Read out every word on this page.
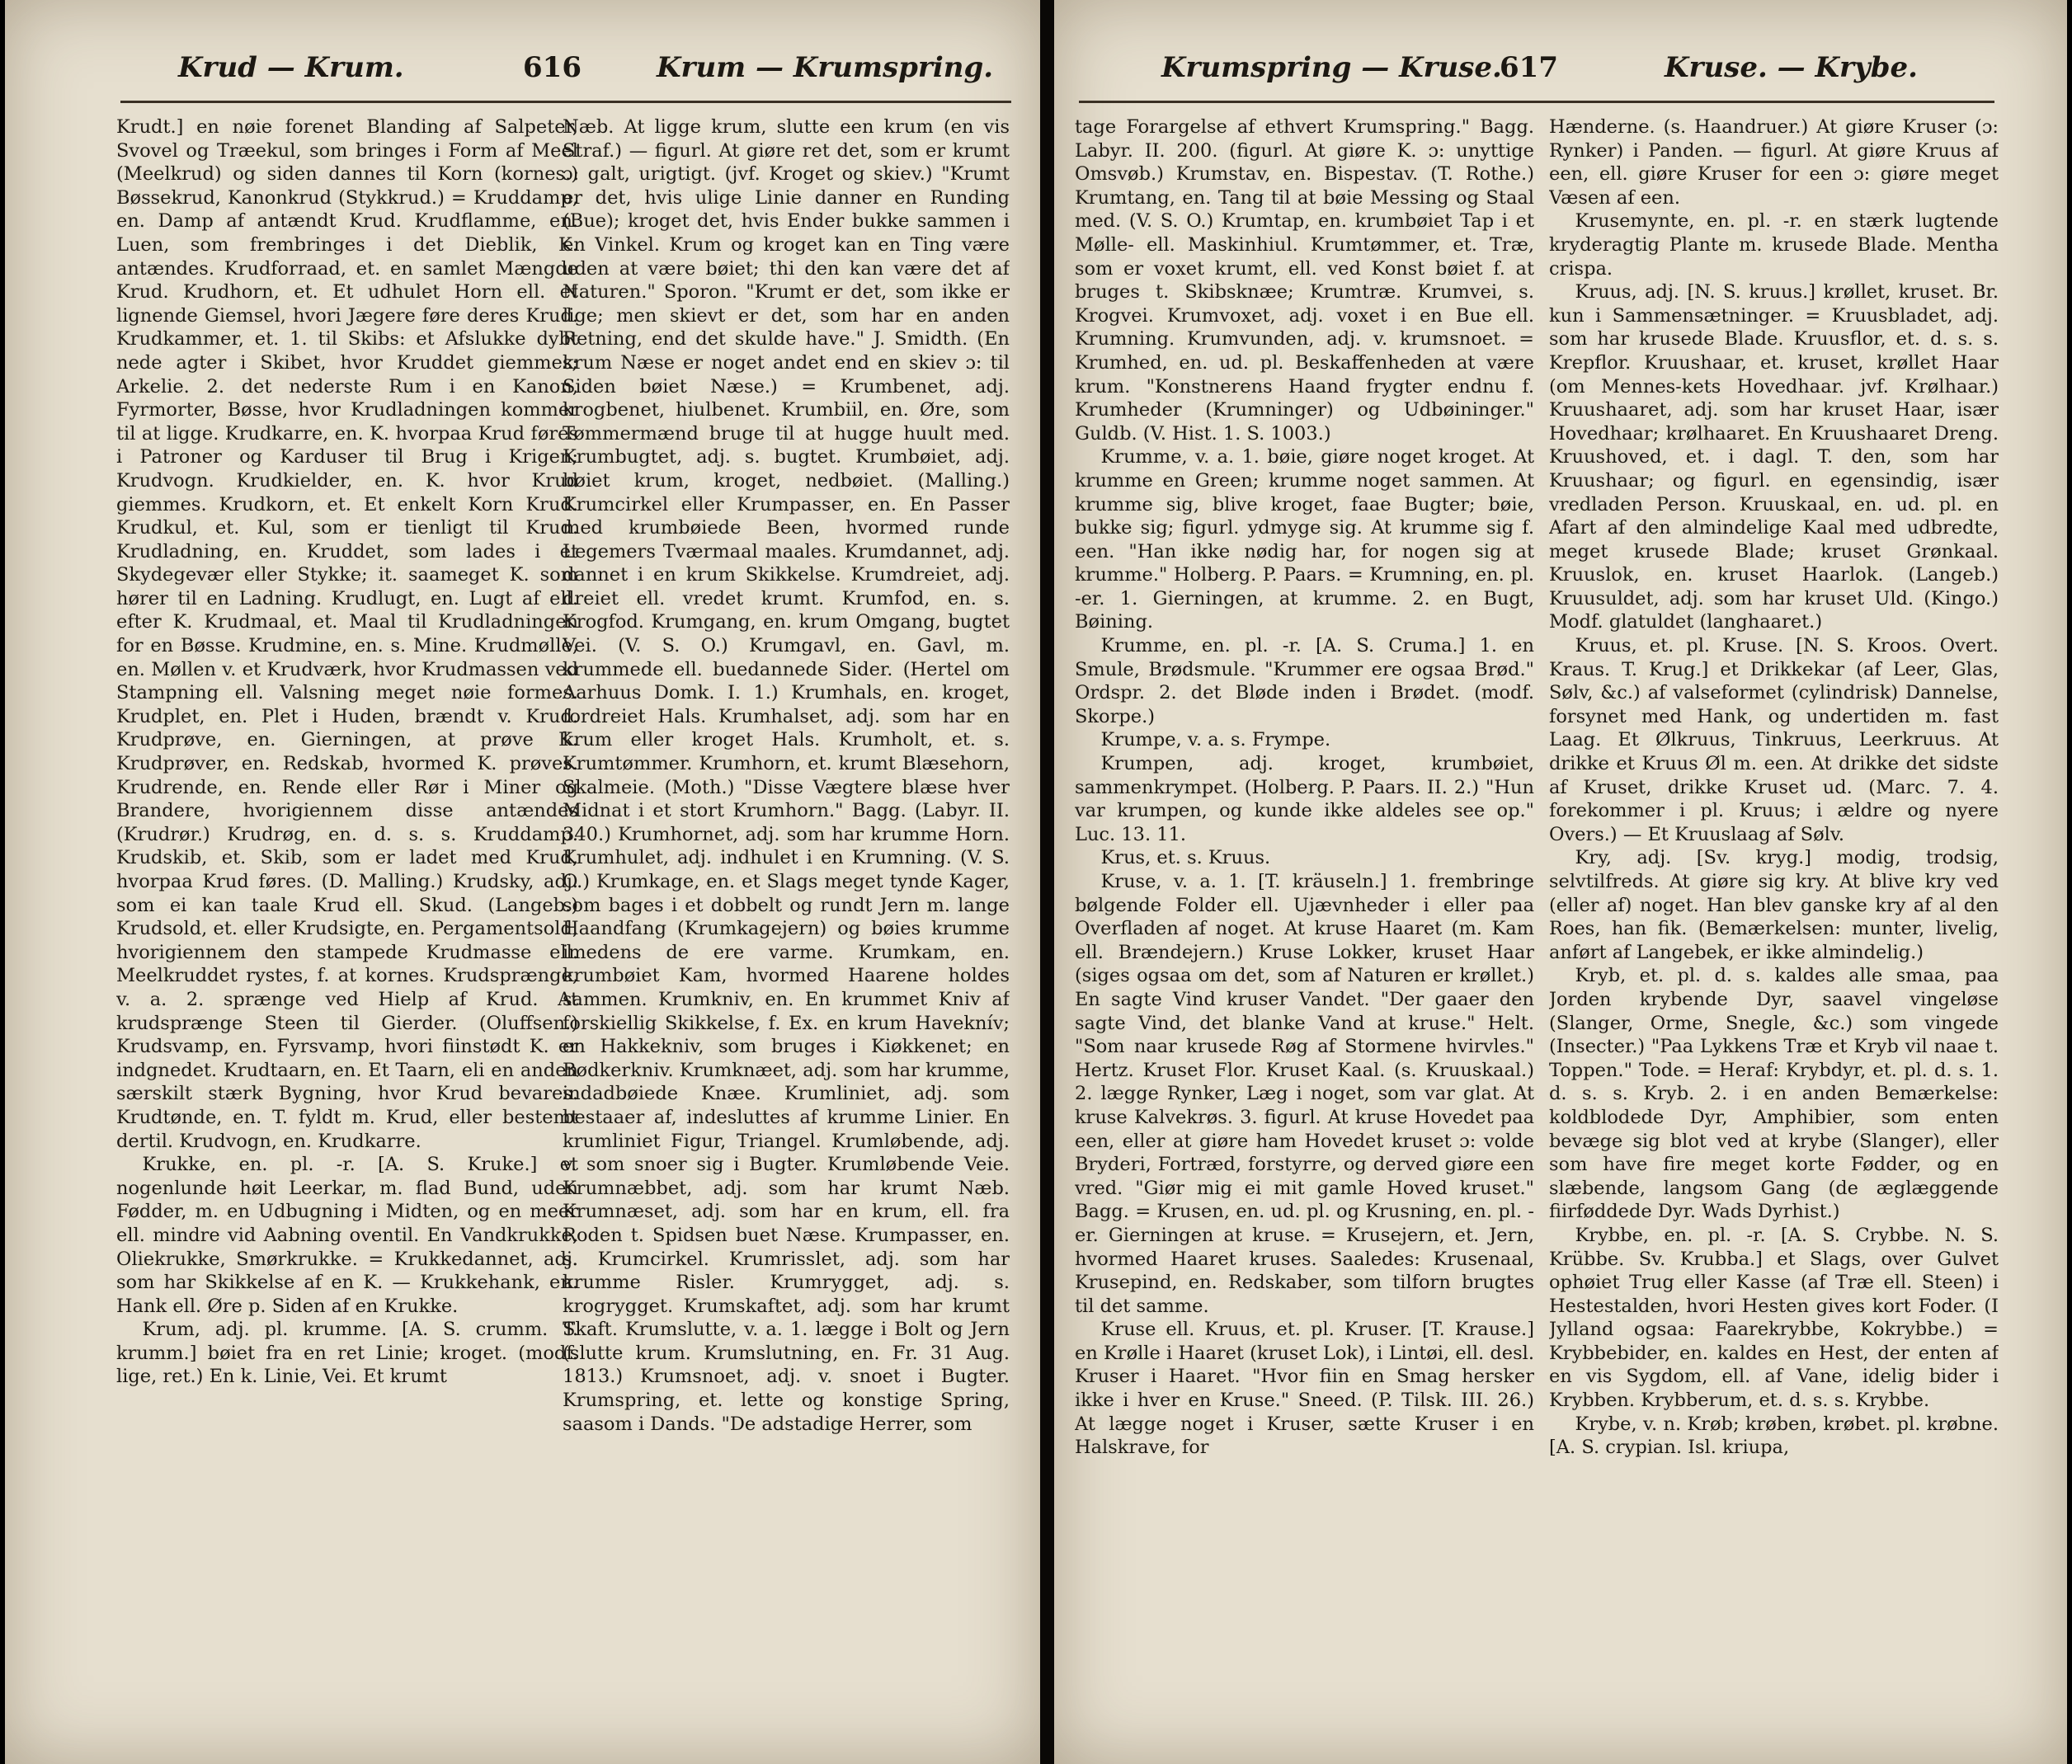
Krud — Krum.	616	Krum — Krumspring.

Krudt.] en nøie forenet Blanding af Salpeter, Svovel og Træekul, som bringes i Form af Meel (Meelkrud) og siden dannes til Korn (kornes.) Bøssekrud, Kanonkrud (Stykkrud.) = Kruddamp, en. Damp af antændt Krud. Krudflamme, en. Luen, som frembringes i det Dieblik, K. antændes. Krudforraad, et. en samlet Mængde Krud. Krudhorn, et. Et udhulet Horn ell. et lignende Giemsel, hvori Jægere føre deres Krud. Krudkammer, et. 1. til Skibs: et Afslukke dybt nede agter i Skibet, hvor Kruddet giemmes; Arkelie. 2. det nederste Rum i en Kanon, Fyrmorter, Bøsse, hvor Krudladningen kommer til at ligge. Krudkarre, en. K. hvorpaa Krud føres i Patroner og Karduser til Brug i Krigen; Krudvogn. Krudkielder, en. K. hvor Krud giemmes. Krudkorn, et. Et enkelt Korn Krud. Krudkul, et. Kul, som er tienligt til Krud. Krudladning, en. Kruddet, som lades i et Skydegevær eller Stykke; it. saameget K. som hører til en Ladning. Krudlugt, en. Lugt af ell. efter K. Krudmaal, et. Maal til Krudladningen for en Bøsse. Krudmine, en. s. Mine. Krudmølle, en. Møllen v. et Krudværk, hvor Krudmassen ved Stampning ell. Valsning meget nøie formes. Krudplet, en. Plet i Huden, brændt v. Krud. Krudprøve, en. Gierningen, at prøve K. Krudprøver, en. Redskab, hvormed K. prøves. Krudrende, en. Rende eller Rør i Miner og Brandere, hvorigiennem disse antændes (Krudrør.) Krudrøg, en. d. s. s. Kruddamp. Krudskib, et. Skib, som er ladet med Krud, hvorpaa Krud føres. (D. Malling.) Krudsky, adj. som ei kan taale Krud ell. Skud. (Langeb.) Krudsold, et. eller Krudsigte, en. Pergamentsold, hvorigiennem den stampede Krudmasse ell. Meelkruddet rystes, f. at kornes. Krudsprænge, v. a. 2. sprænge ved Hielp af Krud. At krudsprænge Steen til Gierder. (Oluffsen.) Krudsvamp, en. Fyrsvamp, hvori fiinstødt K. er indgnedet. Krudtaarn, en. Et Taarn, eli en anden særskilt stærk Bygning, hvor Krud bevares. Krudtønde, en. T. fyldt m. Krud, eller bestemt dertil. Krudvogn, en. Krudkarre.

Krukke, en. pl. -r. [A. S. Kruke.] et nogenlunde høit Leerkar, m. flad Bund, uden Fødder, m. en Udbugning i Midten, og en meer ell. mindre vid Aabning oventil. En Vandkrukke, Oliekrukke, Smørkrukke. = Krukkedannet, adj. som har Skikkelse af en K. — Krukkehank, en. Hank ell. Øre p. Siden af en Krukke.

Krum, adj. pl. krumme. [A. S. crumm. T. krumm.] bøiet fra en ret Linie; kroget. (modf. lige, ret.) En k. Linie, Vei. Et krumt

Næb. At ligge krum, slutte een krum (en vis Straf.) — figurl. At giøre ret det, som er krumt ɔ: galt, urigtigt. (jvf. Kroget og skiev.) "Krumt er det, hvis ulige Linie danner en Runding (Bue); kroget det, hvis Ender bukke sammen i en Vinkel. Krum og kroget kan en Ting være uden at være bøiet; thi den kan være det af Naturen." Sporon. "Krumt er det, som ikke er lige; men skievt er det, som har en anden Retning, end det skulde have." J. Smidth. (En krum Næse er noget andet end en skiev ɔ: til Siden bøiet Næse.) = Krumbenet, adj. krogbenet, hiulbenet. Krumbiil, en. Øre, som Tømmermænd bruge til at hugge huult med. Krumbugtet, adj. s. bugtet. Krumbøiet, adj. bøiet krum, kroget, nedbøiet. (Malling.) Krumcirkel eller Krumpasser, en. En Passer med krumbøiede Been, hvormed runde Legemers Tværmaal maales. Krumdannet, adj. dannet i en krum Skikkelse. Krumdreiet, adj. dreiet ell. vredet krumt. Krumfod, en. s. Krogfod. Krumgang, en. krum Omgang, bugtet Vei. (V. S. O.) Krumgavl, en. Gavl, m. krummede ell. buedannede Sider. (Hertel om Aarhuus Domk. I. 1.) Krumhals, en. kroget, fordreiet Hals. Krumhalset, adj. som har en krum eller kroget Hals. Krumholt, et. s. Krumtømmer. Krumhorn, et. krumt Blæsehorn, Skalmeie. (Moth.) "Disse Vægtere blæse hver Midnat i et stort Krumhorn." Bagg. (Labyr. II. 340.) Krumhornet, adj. som har krumme Horn. Krumhulet, adj. indhulet i en Krumning. (V. S. O.) Krumkage, en. et Slags meget tynde Kager, som bages i et dobbelt og rundt Jern m. lange Haandfang (Krumkagejern) og bøies krumme imedens de ere varme. Krumkam, en. krumbøiet Kam, hvormed Haarene holdes sammen. Krumkniv, en. En krummet Kniv af forskiellig Skikkelse, f. Ex. en krum Haveknív; en Hakkekniv, som bruges i Kiøkkenet; en Bødkerkniv. Krumknæet, adj. som har krumme, indadbøiede Knæe. Krumliniet, adj. som bestaaer af, indesluttes af krumme Linier. En krumliniet Figur, Triangel. Krumløbende, adj. v. som snoer sig i Bugter. Krumløbende Veie. Krumnæbbet, adj. som har krumt Næb. Krumnæset, adj. som har en krum, ell. fra Roden t. Spidsen buet Næse. Krumpasser, en. s. Krumcirkel. Krumrisslet, adj. som har krumme Risler. Krumrygget, adj. s. krogrygget. Krumskaftet, adj. som har krumt Skaft. Krumslutte, v. a. 1. lægge i Bolt og Jern (slutte krum. Krumslutning, en. Fr. 31 Aug. 1813.) Krumsnoet, adj. v. snoet i Bugter. Krumspring, et. lette og konstige Spring, saasom i Dands. "De adstadige Herrer, som

Krumspring — Kruse.
617	Kruse. — Krybe.

tage Forargelse af ethvert Krumspring." Bagg. Labyr. II. 200. (figurl. At giøre K. ɔ: unyttige Omsvøb.) Krumstav, en. Bispestav. (T. Rothe.) Krumtang, en. Tang til at bøie Messing og Staal med. (V. S. O.) Krumtap, en. krumbøiet Tap i et Mølle- ell. Maskinhiul. Krumtømmer, et. Træ, som er voxet krumt, ell. ved Konst bøiet f. at bruges t. Skibsknæe; Krumtræ. Krumvei, s. Krogvei. Krumvoxet, adj. voxet i en Bue ell. Krumning. Krumvunden, adj. v. krumsnoet. = Krumhed, en. ud. pl. Beskaffenheden at være krum. "Konstnerens Haand frygter endnu f. Krumheder (Krumninger) og Udbøininger." Guldb. (V. Hist. 1. S. 1003.)

Krumme, v. a. 1. bøie, giøre noget kroget. At krumme en Green; krumme noget sammen. At krumme sig, blive kroget, faae Bugter; bøie, bukke sig; figurl. ydmyge sig. At krumme sig f. een. "Han ikke nødig har, for nogen sig at krumme." Holberg. P. Paars. = Krumning, en. pl. -er. 1. Gierningen, at krumme. 2. en Bugt, Bøining.

Krumme, en. pl. -r. [A. S. Cruma.] 1. en Smule, Brødsmule. "Krummer ere ogsaa Brød." Ordspr. 2. det Bløde inden i Brødet. (modf. Skorpe.)

Krumpe, v. a. s. Frympe.

Krumpen, adj. kroget, krumbøiet, sammenkrympet. (Holberg. P. Paars. II. 2.) "Hun var krumpen, og kunde ikke aldeles see op." Luc. 13. 11.

Krus, et. s. Kruus.

Kruse, v. a. 1. [T. kräuseln.] 1. frembringe bølgende Folder ell. Ujævnheder i eller paa Overfladen af noget. At kruse Haaret (m. Kam ell. Brændejern.) Kruse Lokker, kruset Haar (siges ogsaa om det, som af Naturen er krøllet.) En sagte Vind kruser Vandet. "Der gaaer den sagte Vind, det blanke Vand at kruse." Helt. "Som naar krusede Røg af Stormene hvirvles." Hertz. Kruset Flor. Kruset Kaal. (s. Kruuskaal.) 2. lægge Rynker, Læg i noget, som var glat. At kruse Kalvekrøs. 3. figurl. At kruse Hovedet paa een, eller at giøre ham Hovedet kruset ɔ: volde Bryderi, Fortræd, forstyrre, og derved giøre een vred. "Giør mig ei mit gamle Hoved kruset." Bagg. = Krusen, en. ud. pl. og Krusning, en. pl. -er. Gierningen at kruse. = Krusejern, et. Jern, hvormed Haaret kruses. Saaledes: Krusenaal, Krusepind, en. Redskaber, som tilforn brugtes til det samme.

Kruse ell. Kruus, et. pl. Kruser. [T. Krause.] en Krølle i Haaret (kruset Lok), i Lintøi, ell. desl. Kruser i Haaret. "Hvor fiin en Smag hersker ikke i hver en Kruse." Sneed. (P. Tilsk. III. 26.) At lægge noget i Kruser, sætte Kruser i en Halskrave, for

Hænderne. (s. Haandruer.) At giøre Kruser (ɔ: Rynker) i Panden. — figurl. At giøre Kruus af een, ell. giøre Kruser for een ɔ: giøre meget Væsen af een.

Krusemynte, en. pl. -r. en stærk lugtende kryderagtig Plante m. krusede Blade. Mentha crispa.

Kruus, adj. [N. S. kruus.] krøllet, kruset. Br. kun i Sammensætninger. = Kruusbladet, adj. som har krusede Blade. Kruusflor, et. d. s. s. Krepflor. Kruushaar, et. kruset, krøllet Haar (om Mennes-kets Hovedhaar. jvf. Krølhaar.) Kruushaaret, adj. som har kruset Haar, især Hovedhaar; krølhaaret. En Kruushaaret Dreng. Kruushoved, et. i dagl. T. den, som har Kruushaar; og figurl. en egensindig, især vredladen Person. Kruuskaal, en. ud. pl. en Afart af den almindelige Kaal med udbredte, meget krusede Blade; kruset Grønkaal. Kruuslok, en. kruset Haarlok. (Langeb.) Kruusuldet, adj. som har kruset Uld. (Kingo.) Modf. glatuldet (langhaaret.)

Kruus, et. pl. Kruse. [N. S. Kroos. Overt. Kraus. T. Krug.] et Drikkekar (af Leer, Glas, Sølv, &c.) af valseformet (cylindrisk) Dannelse, forsynet med Hank, og undertiden m. fast Laag. Et Ølkruus, Tinkruus, Leerkruus. At drikke et Kruus Øl m. een. At drikke det sidste af Kruset, drikke Kruset ud. (Marc. 7. 4. forekommer i pl. Kruus; i ældre og nyere Overs.) — Et Kruuslaag af Sølv.

Kry, adj. [Sv. kryg.] modig, trodsig, selvtilfreds. At giøre sig kry. At blive kry ved (eller af) noget. Han blev ganske kry af al den Roes, han fik. (Bemærkelsen: munter, livelig, anført af Langebek, er ikke almindelig.)

Kryb, et. pl. d. s. kaldes alle smaa, paa Jorden krybende Dyr, saavel vingeløse (Slanger, Orme, Snegle, &c.) som vingede (Insecter.) "Paa Lykkens Træ et Kryb vil naae t. Toppen." Tode. = Heraf: Krybdyr, et. pl. d. s. 1. d. s. s. Kryb. 2. i en anden Bemærkelse: koldblodede Dyr, Amphibier, som enten bevæge sig blot ved at krybe (Slanger), eller som have fire meget korte Fødder, og en slæbende, langsom Gang (de æglæggende fiirføddede Dyr. Wads Dyrhist.)

Krybbe, en. pl. -r. [A. S. Crybbe. N. S. Krübbe. Sv. Krubba.] et Slags, over Gulvet ophøiet Trug eller Kasse (af Træ ell. Steen) i Hestestalden, hvori Hesten gives kort Foder. (I Jylland ogsaa: Faarekrybbe, Kokrybbe.) = Krybbebider, en. kaldes en Hest, der enten af en vis Sygdom, ell. af Vane, idelig bider i Krybben. Krybberum, et. d. s. s. Krybbe.

Krybe, v. n. Krøb; krøben, krøbet. pl. krøbne. [A. S. crypian. Isl. kriupa,
